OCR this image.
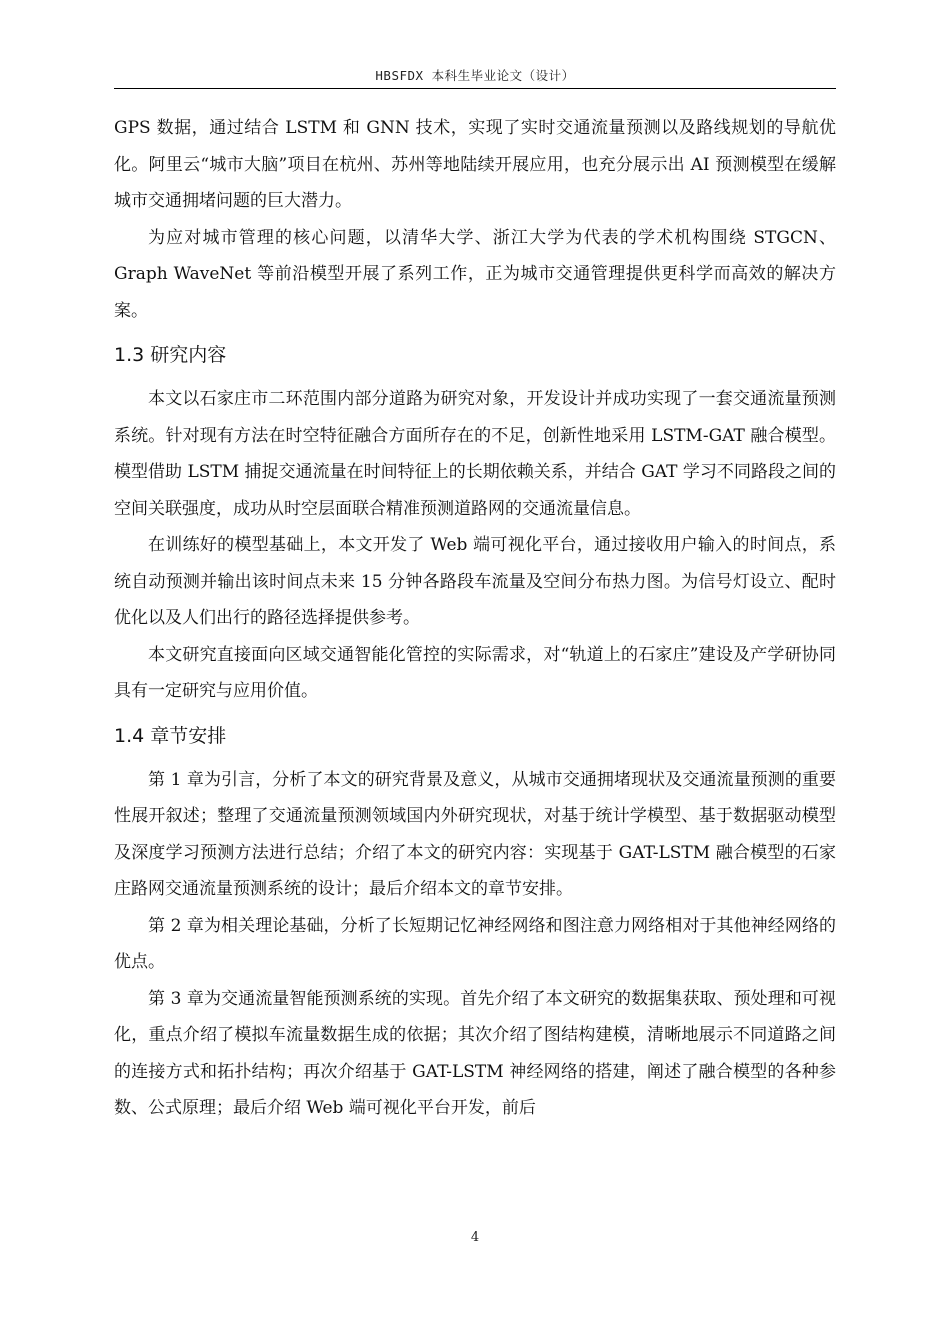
HBSFDX 本科生毕业论文（设计）

GPS 数据，通过结合 LSTM 和 GNN 技术，实现了实时交通流量预测以及路线规划的导航优化。阿里云“城市大脑”项目在杭州、苏州等地陆续开展应用，也充分展示出 AI 预测模型在缓解城市交通拥堵问题的巨大潜力。

为应对城市管理的核心问题，以清华大学、浙江大学为代表的学术机构围绕 STGCN、Graph WaveNet 等前沿模型开展了系列工作，正为城市交通管理提供更科学而高效的解决方案。

1.3 研究内容

本文以石家庄市二环范围内部分道路为研究对象，开发设计并成功实现了一套交通流量预测系统。针对现有方法在时空特征融合方面所存在的不足，创新性地采用 LSTM-GAT 融合模型。模型借助 LSTM 捕捉交通流量在时间特征上的长期依赖关系，并结合 GAT 学习不同路段之间的空间关联强度，成功从时空层面联合精准预测道路网的交通流量信息。

在训练好的模型基础上，本文开发了 Web 端可视化平台，通过接收用户输入的时间点，系统自动预测并输出该时间点未来 15 分钟各路段车流量及空间分布热力图。为信号灯设立、配时优化以及人们出行的路径选择提供参考。

本文研究直接面向区域交通智能化管控的实际需求，对“轨道上的石家庄”建设及产学研协同具有一定研究与应用价值。

1.4 章节安排

第 1 章为引言，分析了本文的研究背景及意义，从城市交通拥堵现状及交通流量预测的重要性展开叙述；整理了交通流量预测领域国内外研究现状，对基于统计学模型、基于数据驱动模型及深度学习预测方法进行总结；介绍了本文的研究内容：实现基于 GAT-LSTM 融合模型的石家庄路网交通流量预测系统的设计；最后介绍本文的章节安排。

第 2 章为相关理论基础，分析了长短期记忆神经网络和图注意力网络相对于其他神经网络的优点。

第 3 章为交通流量智能预测系统的实现。首先介绍了本文研究的数据集获取、预处理和可视化，重点介绍了模拟车流量数据生成的依据；其次介绍了图结构建模，清晰地展示不同道路之间的连接方式和拓扑结构；再次介绍基于 GAT-LSTM 神经网络的搭建，阐述了融合模型的各种参数、公式原理；最后介绍 Web 端可视化平台开发，前后

4
